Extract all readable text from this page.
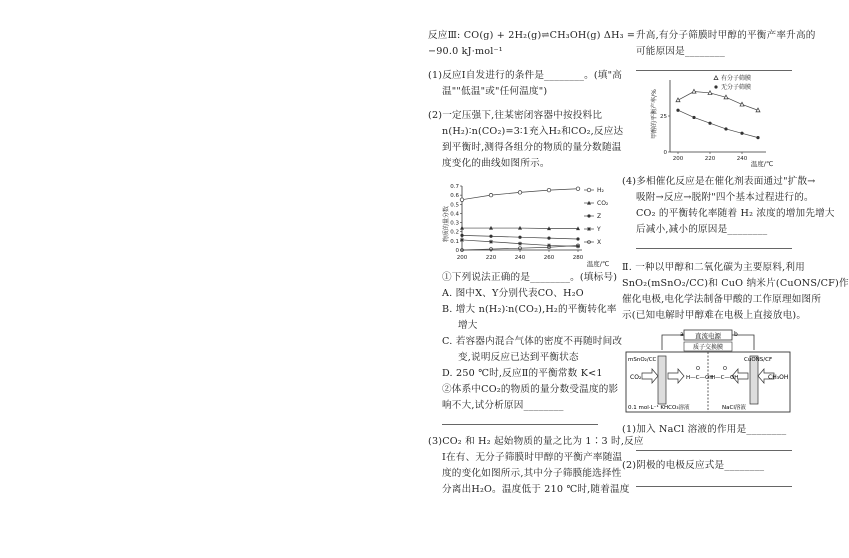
反应Ⅲ: CO(g) + 2H₂(g)⇌CH₃OH(g) ΔH₃ =
−90.0 kJ·mol⁻¹
(1)反应Ⅰ自发进行的条件是________。(填"高
温""低温"或"任何温度")
(2)一定压强下,往某密闭容器中按投料比
n(H₂)∶n(CO₂)=3∶1充入H₂和CO₂,反应达
到平衡时,测得各组分的物质的量分数随温
度变化的曲线如图所示。
物质的量分数
0
0.1
0.2
0.3
0.4
0.5
0.6
0.7
200	220	240	260	280
H₂
CO₂
Z
Y
X
温度/℃
①下列说法正确的是________。(填标号)
A. 图中X、Y分别代表CO、H₂O
B. 增大 n(H₂)∶n(CO₂),H₂的平衡转化率
增大
C. 若容器内混合气体的密度不再随时间改
变,说明反应已达到平衡状态
D. 250 ℃时,反应Ⅱ的平衡常数 K<1
②体系中CO₂的物质的量分数受温度的影
响不大,试分析原因________
(3)CO₂ 和 H₂ 起始物质的量之比为 1∶3 时,反应
Ⅰ在有、无分子筛膜时甲醇的平衡产率随温
度的变化如图所示,其中分子筛膜能选择性
分离出H₂O。温度低于 210 ℃时,随着温度
升高,有分子筛膜时甲醇的平衡产率升高的
可能原因是________
甲醇的平衡产率/%
0
25
200	220	240
有分子筛膜
无分子筛膜
温度/℃
(4)多相催化反应是在催化剂表面通过"扩散→
吸附→反应→脱附"四个基本过程进行的。
CO₂ 的平衡转化率随着 H₂ 浓度的增加先增大
后减小,减小的原因是________
Ⅱ. 一种以甲醇和二氧化碳为主要原料,利用
SnO₂(mSnO₂/CC)和 CuO 纳米片(CuONS/CF)作
催化电极,电化学法制备甲酸的工作原理如图所
示(已知电解时甲醇难在电极上直接放电)。
直流电源
a	b
质子交换膜
mSnO₂/CC	CuONS/CF
CO₂	CH₃OH
O
H—C—OH
O
H—C—OH
0.1 mol·L⁻¹ KHCO₃溶液	NaCl溶液
(1)加入 NaCl 溶液的作用是________
(2)阴极的电极反应式是________
